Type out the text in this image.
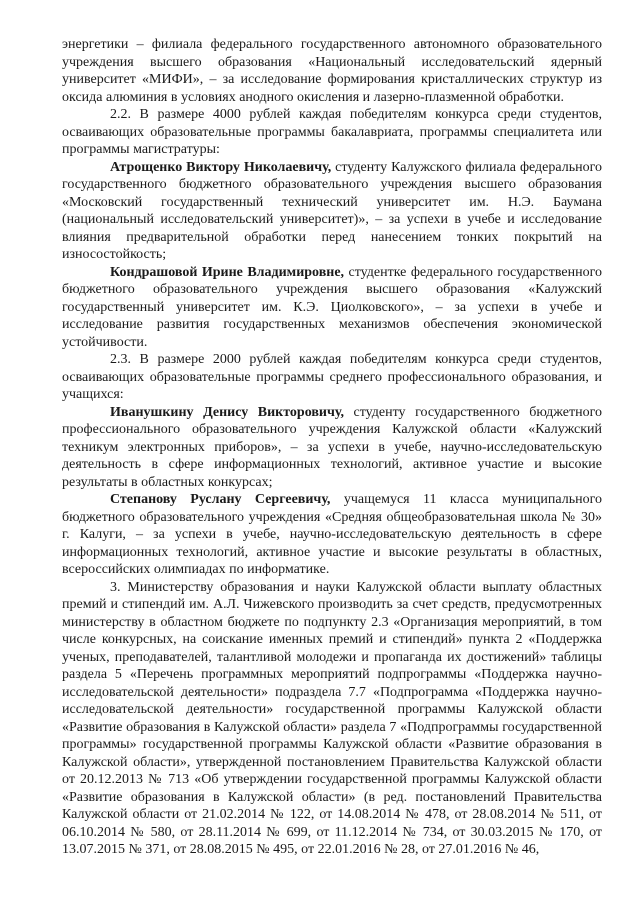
энергетики – филиала федерального государственного автономного образовательного учреждения высшего образования «Национальный исследовательский ядерный университет «МИФИ», – за исследование формирования кристаллических структур из оксида алюминия в условиях анодного окисления и лазерно-плазменной обработки.

2.2. В размере 4000 рублей каждая победителям конкурса среди студентов, осваивающих образовательные программы бакалавриата, программы специалитета или программы магистратуры:

Атрощенко Виктору Николаевичу, студенту Калужского филиала федерального государственного бюджетного образовательного учреждения высшего образования «Московский государственный технический университет им. Н.Э. Баумана (национальный исследовательский университет)», – за успехи в учебе и исследование влияния предварительной обработки перед нанесением тонких покрытий на износостойкость;

Кондрашовой Ирине Владимировне, студентке федерального государственного бюджетного образовательного учреждения высшего образования «Калужский государственный университет им. К.Э. Циолковского», – за успехи в учебе и исследование развития государственных механизмов обеспечения экономической устойчивости.

2.3. В размере 2000 рублей каждая победителям конкурса среди студентов, осваивающих образовательные программы среднего профессионального образования, и учащихся:

Иванушкину Денису Викторовичу, студенту государственного бюджетного профессионального образовательного учреждения Калужской области «Калужский техникум электронных приборов», – за успехи в учебе, научно-исследовательскую деятельность в сфере информационных технологий, активное участие и высокие результаты в областных конкурсах;

Степанову Руслану Сергеевичу, учащемуся 11 класса муниципального бюджетного образовательного учреждения «Средняя общеобразовательная школа № 30» г. Калуги, – за успехи в учебе, научно-исследовательскую деятельность в сфере информационных технологий, активное участие и высокие результаты в областных, всероссийских олимпиадах по информатике.

3. Министерству образования и науки Калужской области выплату областных премий и стипендий им. А.Л. Чижевского производить за счет средств, предусмотренных министерству в областном бюджете по подпункту 2.3 «Организация мероприятий, в том числе конкурсных, на соискание именных премий и стипендий» пункта 2 «Поддержка ученых, преподавателей, талантливой молодежи и пропаганда их достижений» таблицы раздела 5 «Перечень программных мероприятий подпрограммы «Поддержка научно-исследовательской деятельности» подраздела 7.7 «Подпрограмма «Поддержка научно-исследовательской деятельности» государственной программы Калужской области «Развитие образования в Калужской области» раздела 7 «Подпрограммы государственной программы» государственной программы Калужской области «Развитие образования в Калужской области», утвержденной постановлением Правительства Калужской области от 20.12.2013 № 713 «Об утверждении государственной программы Калужской области «Развитие образования в Калужской области» (в ред. постановлений Правительства Калужской области от 21.02.2014 № 122, от 14.08.2014 № 478, от 28.08.2014 № 511, от 06.10.2014 № 580, от 28.11.2014 № 699, от 11.12.2014 № 734, от 30.03.2015 № 170, от 13.07.2015 № 371, от 28.08.2015 № 495, от 22.01.2016 № 28, от 27.01.2016 № 46,
